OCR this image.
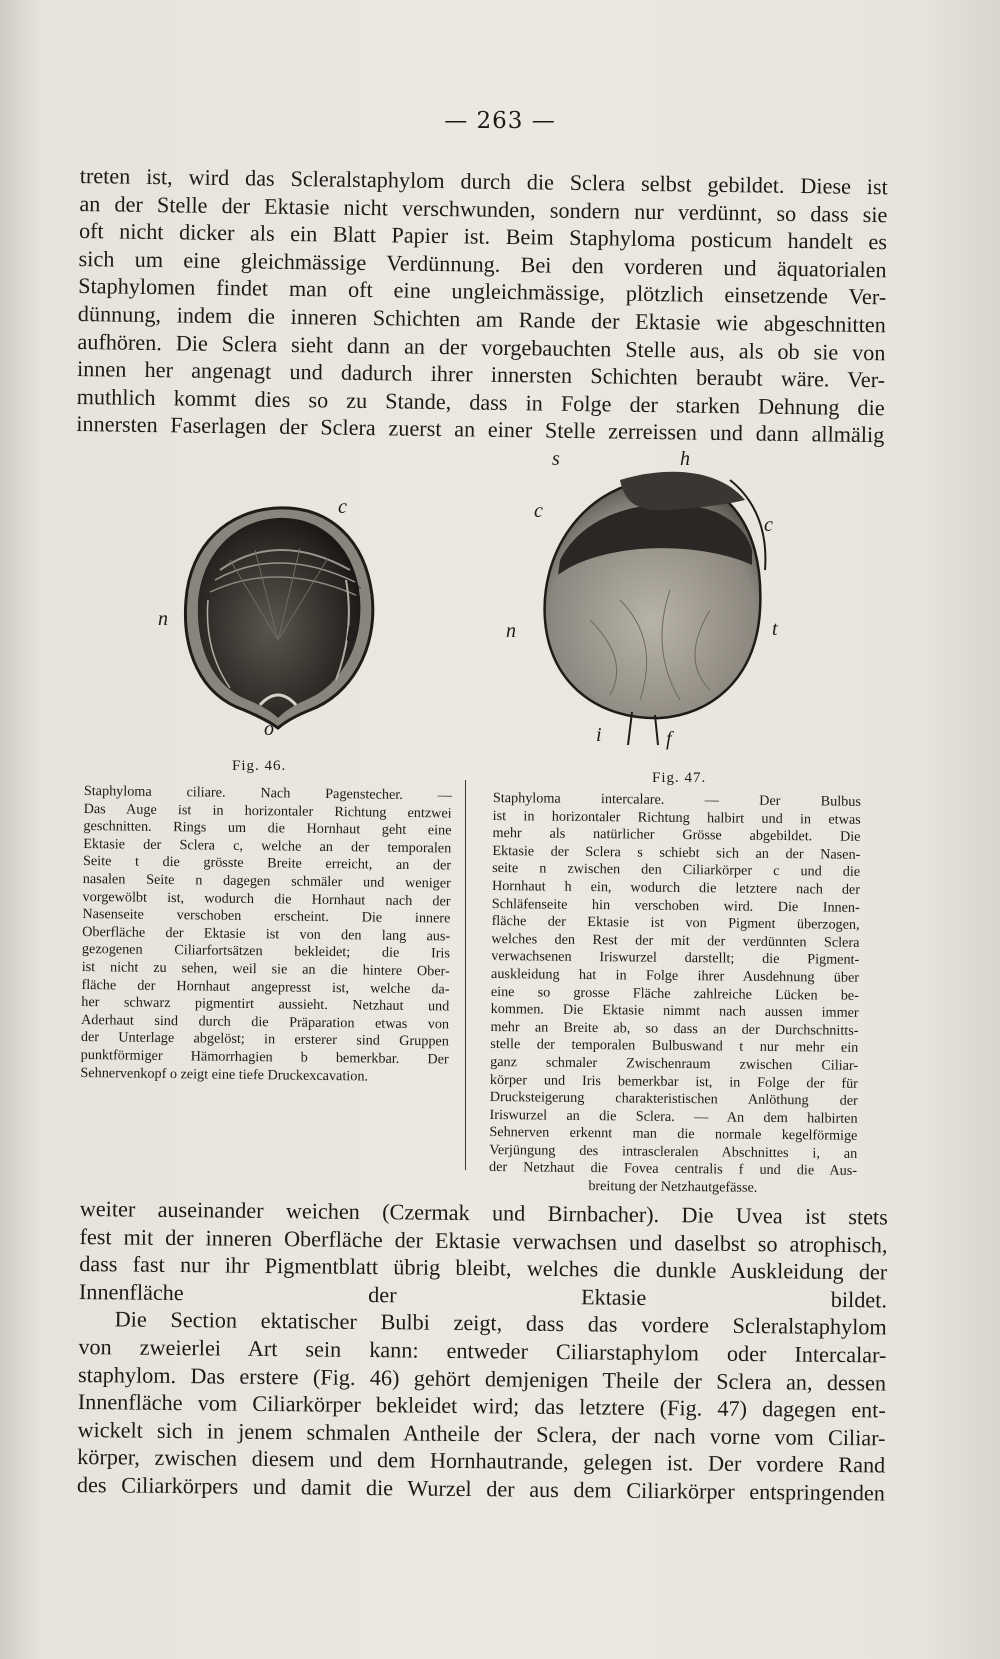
— 263 —
treten ist, wird das Scleralstaphylom durch die Sclera selbst gebildet. Diese ist
an der Stelle der Ektasie nicht verschwunden, sondern nur verdünnt, so dass sie
oft nicht dicker als ein Blatt Papier ist. Beim Staphyloma posticum handelt es
sich um eine gleichmässige Verdünnung. Bei den vorderen und äquatorialen
Staphylomen findet man oft eine ungleichmässige, plötzlich einsetzende Ver-
dünnung, indem die inneren Schichten am Rande der Ektasie wie abgeschnitten
aufhören. Die Sclera sieht dann an der vorgebauchten Stelle aus, als ob sie von
innen her angenagt und dadurch ihrer innersten Schichten beraubt wäre. Ver-
muthlich kommt dies so zu Stande, dass in Folge der starken Dehnung die
innersten Faserlagen der Sclera zuerst an einer Stelle zerreissen und dann allmälig
c
t
n
b
o
s	h
c
c
n	t
i	f
Fig. 46.
Fig. 47.
Staphyloma ciliare. Nach Pagenstecher. —
Das Auge ist in horizontaler Richtung entzwei
geschnitten. Rings um die Hornhaut geht eine
Ektasie der Sclera c, welche an der temporalen
Seite t die grösste Breite erreicht, an der
nasalen Seite n dagegen schmäler und weniger
vorgewölbt ist, wodurch die Hornhaut nach der
Nasenseite verschoben erscheint. Die innere
Oberfläche der Ektasie ist von den lang aus-
gezogenen Ciliarfortsätzen bekleidet; die Iris
ist nicht zu sehen, weil sie an die hintere Ober-
fläche der Hornhaut angepresst ist, welche da-
her schwarz pigmentirt aussieht. Netzhaut und
Aderhaut sind durch die Präparation etwas von
der Unterlage abgelöst; in ersterer sind Gruppen
punktförmiger Hämorrhagien b bemerkbar. Der
Sehnervenkopf o zeigt eine tiefe Druckexcavation.
Staphyloma intercalare. — Der Bulbus
ist in horizontaler Richtung halbirt und in etwas
mehr als natürlicher Grösse abgebildet. Die
Ektasie der Sclera s schiebt sich an der Nasen-
seite n zwischen den Ciliarkörper c und die
Hornhaut h ein, wodurch die letztere nach der
Schläfenseite hin verschoben wird. Die Innen-
fläche der Ektasie ist von Pigment überzogen,
welches den Rest der mit der verdünnten Sclera
verwachsenen Iriswurzel darstellt; die Pigment-
auskleidung hat in Folge ihrer Ausdehnung über
eine so grosse Fläche zahlreiche Lücken be-
kommen. Die Ektasie nimmt nach aussen immer
mehr an Breite ab, so dass an der Durchschnitts-
stelle der temporalen Bulbuswand t nur mehr ein
ganz schmaler Zwischenraum zwischen Ciliar-
körper und Iris bemerkbar ist, in Folge der für
Drucksteigerung charakteristischen Anlöthung der
Iriswurzel an die Sclera. — An dem halbirten
Sehnerven erkennt man die normale kegelförmige
Verjüngung des intrascleralen Abschnittes i, an
der Netzhaut die Fovea centralis f und die Aus-
breitung der Netzhautgefässe.
weiter auseinander weichen (Czermak und Birnbacher). Die Uvea ist stets
fest mit der inneren Oberfläche der Ektasie verwachsen und daselbst so atrophisch,
dass fast nur ihr Pigmentblatt übrig bleibt, welches die dunkle Auskleidung der
Innenfläche der Ektasie bildet.
Die Section ektatischer Bulbi zeigt, dass das vordere Scleralstaphylom
von zweierlei Art sein kann: entweder Ciliarstaphylom oder Intercalar-
staphylom. Das erstere (Fig. 46) gehört demjenigen Theile der Sclera an, dessen
Innenfläche vom Ciliarkörper bekleidet wird; das letztere (Fig. 47) dagegen ent-
wickelt sich in jenem schmalen Antheile der Sclera, der nach vorne vom Ciliar-
körper, zwischen diesem und dem Hornhautrande, gelegen ist. Der vordere Rand
des Ciliarkörpers und damit die Wurzel der aus dem Ciliarkörper entspringenden
